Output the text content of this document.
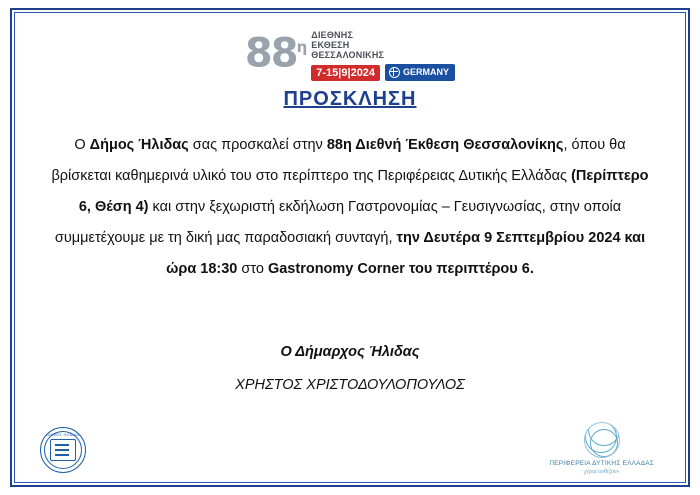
$88^\eta$
ΔΙΕΘΝΗΣ
ΕΚΘΕΣΗ
ΘΕΣΣΑΛΟΝΙΚΗΣ
7-15|9|2024	GERMANY
ΠΡΟΣΚΛΗΣΗ
Ο Δήμος Ήλιδας σας προσκαλεί στην 88η Διεθνή Έκθεση Θεσσαλονίκης, όπου θα βρίσκεται καθημερινά υλικό του στο περίπτερο της Περιφέρειας Δυτικής Ελλάδας (Περίπτερο 6, Θέση 4) και στην ξεχωριστή εκδήλωση Γαστρονομίας – Γευσιγνωσίας, στην οποία συμμετέχουμε με τη δική μας παραδοσιακή συνταγή, την Δευτέρα 9 Σεπτεμβρίου 2024 και ώρα 18:30 στο Gastronomy Corner του περιπτέρου 6.
Ο Δήμαρχος Ήλιδας
ΧΡΗΣΤΟΣ ΧΡΙΣΤΟΔΟΥΛΟΠΟΥΛΟΣ
ΔΗΜΟΣ ΗΛΙΔΑΣ
ΠΕΡΙΦΕΡΕΙΑ ΔΥΤΙΚΗΣ ΕΛΛΑΔΑΣ
χέρια ανθίζουν
